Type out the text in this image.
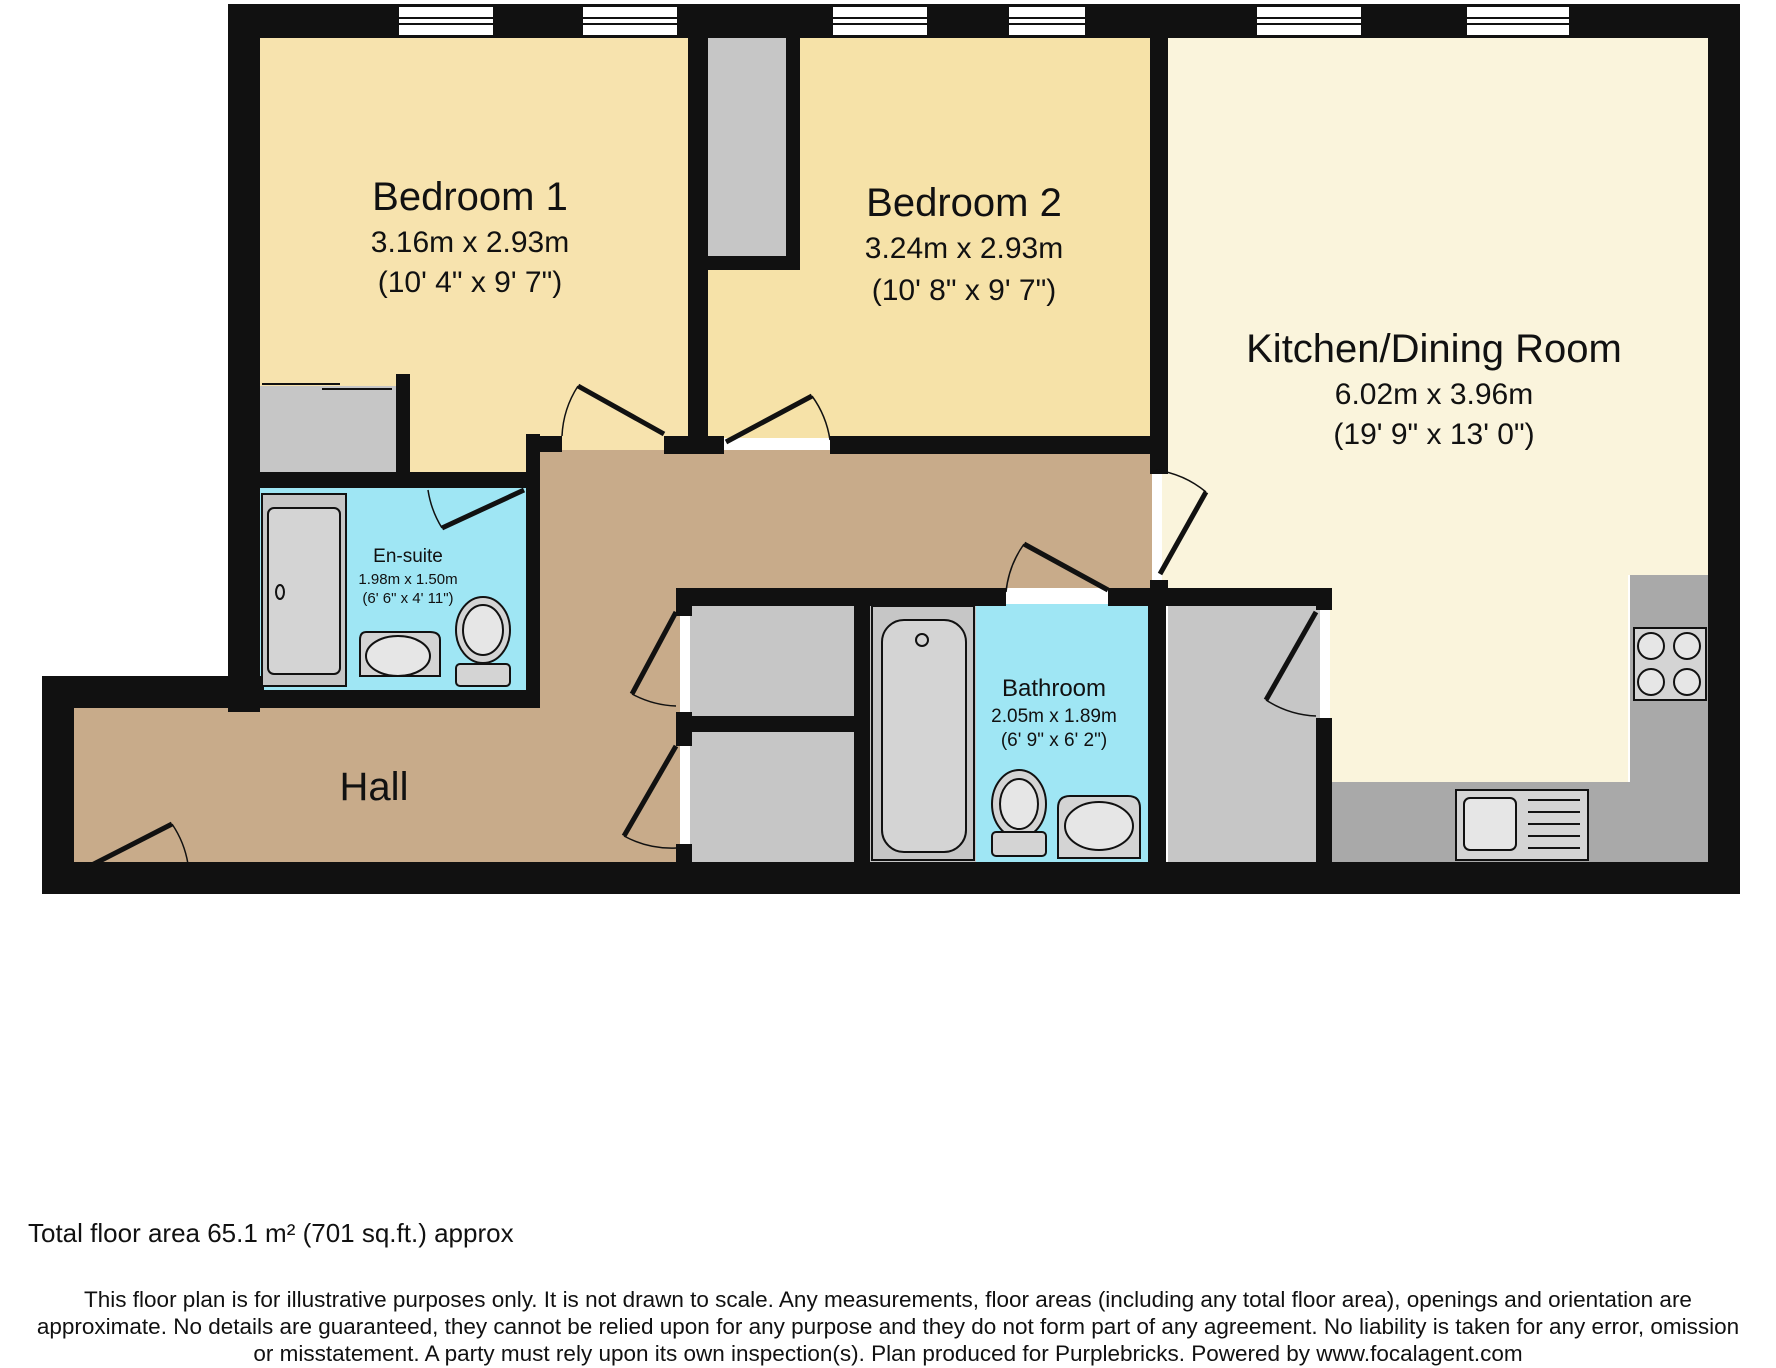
Bedroom 1
3.16m x 2.93m
(10' 4" x 9' 7")
Bedroom 2
3.24m x 2.93m
(10' 8" x 9' 7")
Kitchen/Dining Room
6.02m x 3.96m
(19' 9" x 13' 0")
En-suite
1.98m x 1.50m
(6' 6" x 4' 11")
Bathroom
2.05m x 1.89m
(6' 9" x 6' 2")
Hall
Total floor area 65.1 m² (701 sq.ft.) approx
This floor plan is for illustrative purposes only. It is not drawn to scale. Any measurements, floor areas (including any total floor area), openings and orientation are
approximate. No details are guaranteed, they cannot be relied upon for any purpose and they do not form part of any agreement. No liability is taken for any error, omission
or misstatement. A party must rely upon its own inspection(s). Plan produced for Purplebricks. Powered by www.focalagent.com
